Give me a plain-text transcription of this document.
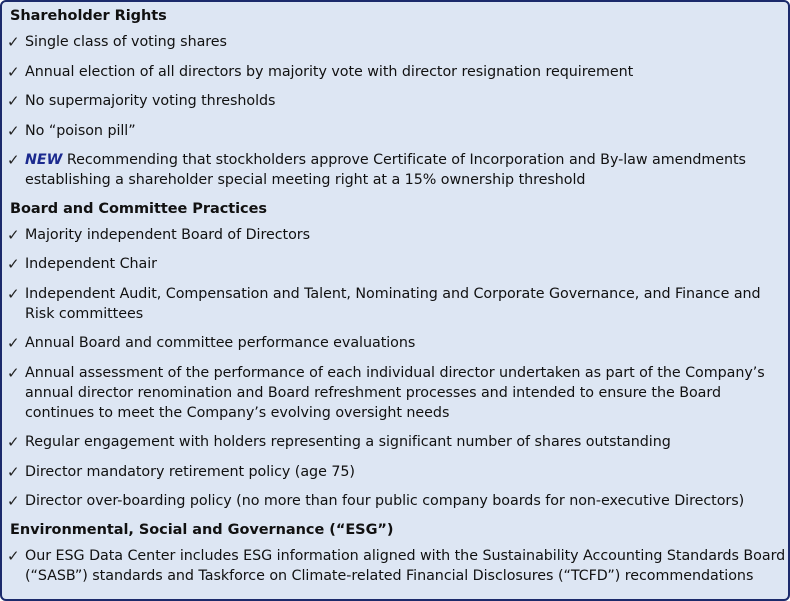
Shareholder Rights
✓ Single class of voting shares
✓ Annual election of all directors by majority vote with director resignation requirement
✓ No supermajority voting thresholds
✓ No “poison pill”
✓ NEW Recommending that stockholders approve Certificate of Incorporation and By-law amendments establishing a shareholder special meeting right at a 15% ownership threshold
Board and Committee Practices
✓ Majority independent Board of Directors
✓ Independent Chair
✓ Independent Audit, Compensation and Talent, Nominating and Corporate Governance, and Finance and Risk committees
✓ Annual Board and committee performance evaluations
✓ Annual assessment of the performance of each individual director undertaken as part of the Company’s annual director renomination and Board refreshment processes and intended to ensure the Board continues to meet the Company’s evolving oversight needs
✓ Regular engagement with holders representing a significant number of shares outstanding
✓ Director mandatory retirement policy (age 75)
✓ Director over-boarding policy (no more than four public company boards for non-executive Directors)
Environmental, Social and Governance (“ESG”)
✓ Our ESG Data Center includes ESG information aligned with the Sustainability Accounting Standards Board (“SASB”) standards and Taskforce on Climate-related Financial Disclosures (“TCFD”) recommendations
